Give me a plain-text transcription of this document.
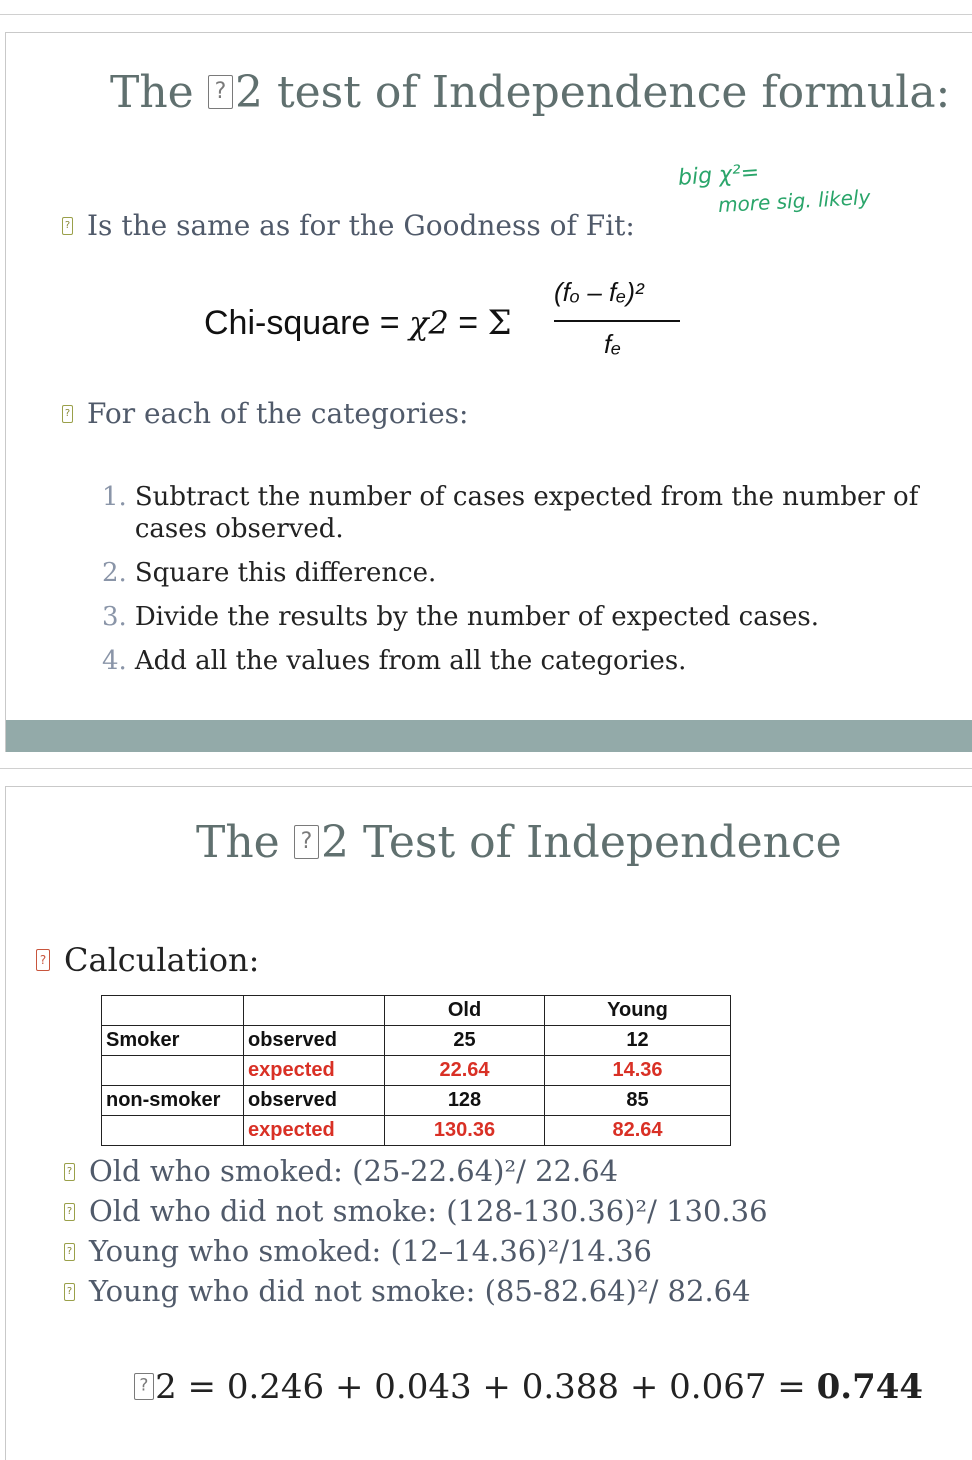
The ?2 test of Independence formula:
big χ²=
more sig. likely
?Is the same as for the Goodness of Fit:
Chi-square = 𝜒2 = Σ
(fₒ – fₑ)²
fₑ
?For each of the categories:
1. Subtract the number of cases expected from the number of cases observed.
2. Square this difference.
3. Divide the results by the number of expected cases.
4. Add all the values from all the categories.
The ?2 Test of Independence
?Calculation:
		Old	Young
Smoker	observed	25	12
	expected	22.64	14.36
non-smoker	observed	128	85
	expected	130.36	82.64
?Old who smoked: (25-22.64)²/ 22.64
?Old who did not smoke: (128-130.36)²/ 130.36
?Young who smoked: (12–14.36)²/14.36
?Young who did not smoke: (85-82.64)²/ 82.64
?2 = 0.246 + 0.043 + 0.388 + 0.067 = 0.744
